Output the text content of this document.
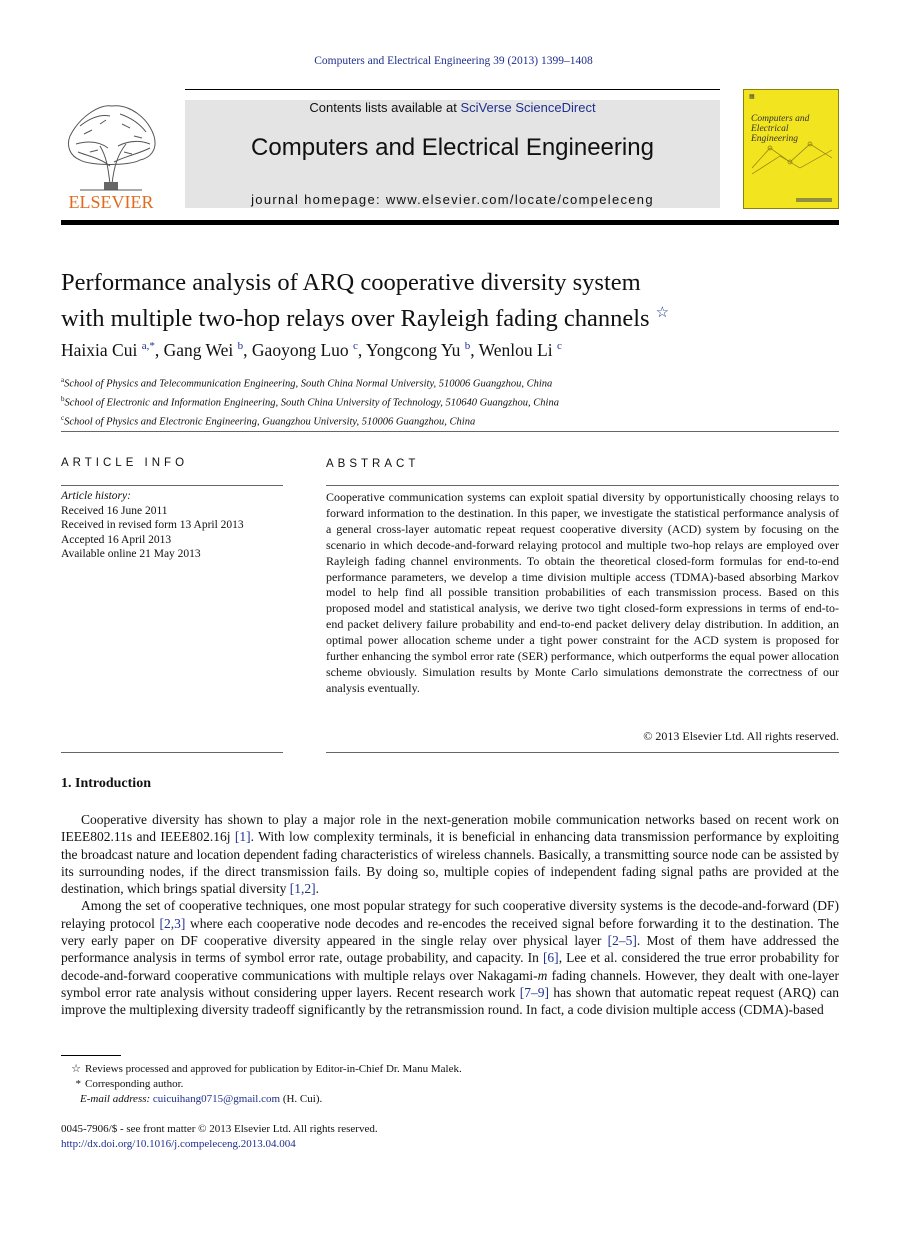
Computers and Electrical Engineering 39 (2013) 1399–1408
ELSEVIER
Contents lists available at SciVerse ScienceDirect
Computers and Electrical Engineering
journal homepage: www.elsevier.com/locate/compeleceng
▦
Computers and Electrical Engineering
Performance analysis of ARQ cooperative diversity system
with multiple two-hop relays over Rayleigh fading channels ☆
Haixia Cui $^{a,*}$, Gang Wei $^b$, Gaoyong Luo $^c$, Yongcong Yu $^b$, Wenlou Li $^c$
$^a$School of Physics and Telecommunication Engineering, South China Normal University, 510006 Guangzhou, China
$^b$School of Electronic and Information Engineering, South China University of Technology, 510640 Guangzhou, China
$^c$School of Physics and Electronic Engineering, Guangzhou University, 510006 Guangzhou, China
ARTICLE INFO
Article history:
Received 16 June 2011
Received in revised form 13 April 2013
Accepted 16 April 2013
Available online 21 May 2013
ABSTRACT
Cooperative communication systems can exploit spatial diversity by opportunistically choosing relays to forward information to the destination. In this paper, we investigate the statistical performance analysis of a general cross-layer automatic repeat request cooperative diversity (ACD) system by focusing on the scenario in which decode-and-forward relaying protocol and multiple two-hop relays are employed over Rayleigh fading channel environments. To obtain the theoretical closed-form formulas for end-to-end performance parameters, we develop a time division multiple access (TDMA)-based absorbing Markov model to help find all possible transition probabilities of each transmission process. Based on this proposed model and statistical analysis, we derive two tight closed-form expressions in terms of end-to-end packet delivery failure probability and end-to-end packet delivery delay distribution. In addition, an optimal power allocation scheme under a tight power constraint for the ACD system is proposed for further enhancing the symbol error rate (SER) performance, which outperforms the equal power allocation scheme obviously. Simulation results by Monte Carlo simulations demonstrate the correctness of our analysis eventually.
© 2013 Elsevier Ltd. All rights reserved.
1. Introduction

Cooperative diversity has shown to play a major role in the next-generation mobile communication networks based on recent work on IEEE802.11s and IEEE802.16j [1]. With low complexity terminals, it is beneficial in enhancing data transmission performance by exploiting the broadcast nature and location dependent fading characteristics of wireless channels. Basically, a transmitting source node can be assisted by its surrounding nodes, if the direct transmission fails. By doing so, multiple copies of independent fading signal paths are provided at the destination, which brings spatial diversity [1,2].

Among the set of cooperative techniques, one most popular strategy for such cooperative diversity systems is the decode-and-forward (DF) relaying protocol [2,3] where each cooperative node decodes and re-encodes the received signal before forwarding it to the destination. The very early paper on DF cooperative diversity appeared in the single relay over physical layer [2–5]. Most of them have addressed the performance analysis in terms of symbol error rate, outage probability, and capacity. In [6], Lee et al. considered the true error probability for decode-and-forward cooperative communications with multiple relays over Nakagami-m fading channels. However, they dealt with one-layer symbol error rate analysis without considering upper layers. Recent research work [7–9] has shown that automatic repeat request (ARQ) can improve the multiplexing diversity tradeoff significantly by the retransmission round. In fact, a code division multiple access (CDMA)-based

☆ Reviews processed and approved for publication by Editor-in-Chief Dr. Manu Malek.
* Corresponding author.
E-mail address: cuicuihang0715@gmail.com (H. Cui).
0045-7906/$ - see front matter © 2013 Elsevier Ltd. All rights reserved.
http://dx.doi.org/10.1016/j.compeleceng.2013.04.004
